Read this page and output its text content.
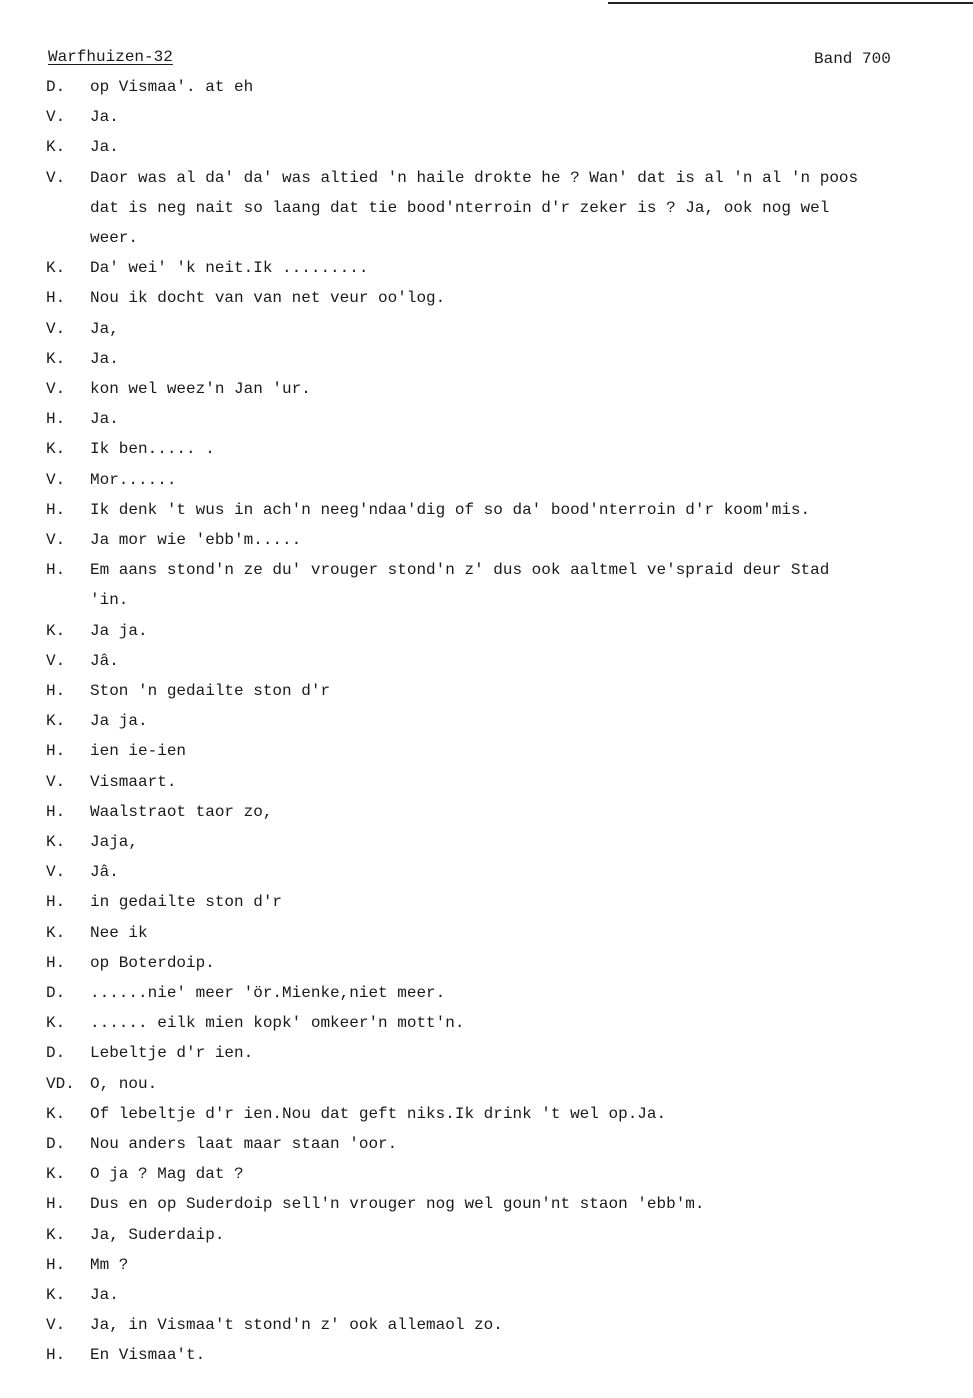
Warfhuizen-32	Band 700
D. op Vismaa'. at eh
V. Ja.
K. Ja.
V. Daor was al da' da' was altied 'n haile drokte he ? Wan' dat is al 'n al 'n poos
dat is neg nait so laang dat tie bood'nterroin d'r zeker is ? Ja, ook nog wel
weer.
K. Da' wei' 'k neit.Ik .........
H. Nou ik docht van van net veur oo'log.
V. Ja,
K. Ja.
V. kon wel weez'n Jan 'ur.
H. Ja.
K. Ik ben..... .
V. Mor......
H. Ik denk 't wus in ach'n neeg'ndaa'dig of so da' bood'nterroin d'r koom'mis.
V. Ja mor wie 'ebb'm.....
H. Em aans stond'n ze du' vrouger stond'n z' dus ook aaltmel ve'spraid deur Stad
'in.
K. Ja ja.
V. Jâ.
H. Ston 'n gedailte ston d'r
K. Ja ja.
H. ien ie-ien
V. Vismaart.
H. Waalstraot taor zo,
K. Jaja,
V. Jâ.
H. in gedailte ston d'r
K. Nee ik
H. op Boterdoip.
D. ......nie' meer 'ör.Mienke,niet meer.
K. ...... eilk mien kopk' omkeer'n mott'n.
D. Lebeltje d'r ien.
VD. O, nou.
K. Of lebeltje d'r ien.Nou dat geft niks.Ik drink 't wel op.Ja.
D. Nou anders laat maar staan 'oor.
K. O ja ? Mag dat ?
H. Dus en op Suderdoip sell'n vrouger nog wel goun'nt staon 'ebb'm.
K. Ja, Suderdaip.
H. Mm ?
K. Ja.
V. Ja, in Vismaa't stond'n z' ook allemaol zo.
H. En Vismaa't.
